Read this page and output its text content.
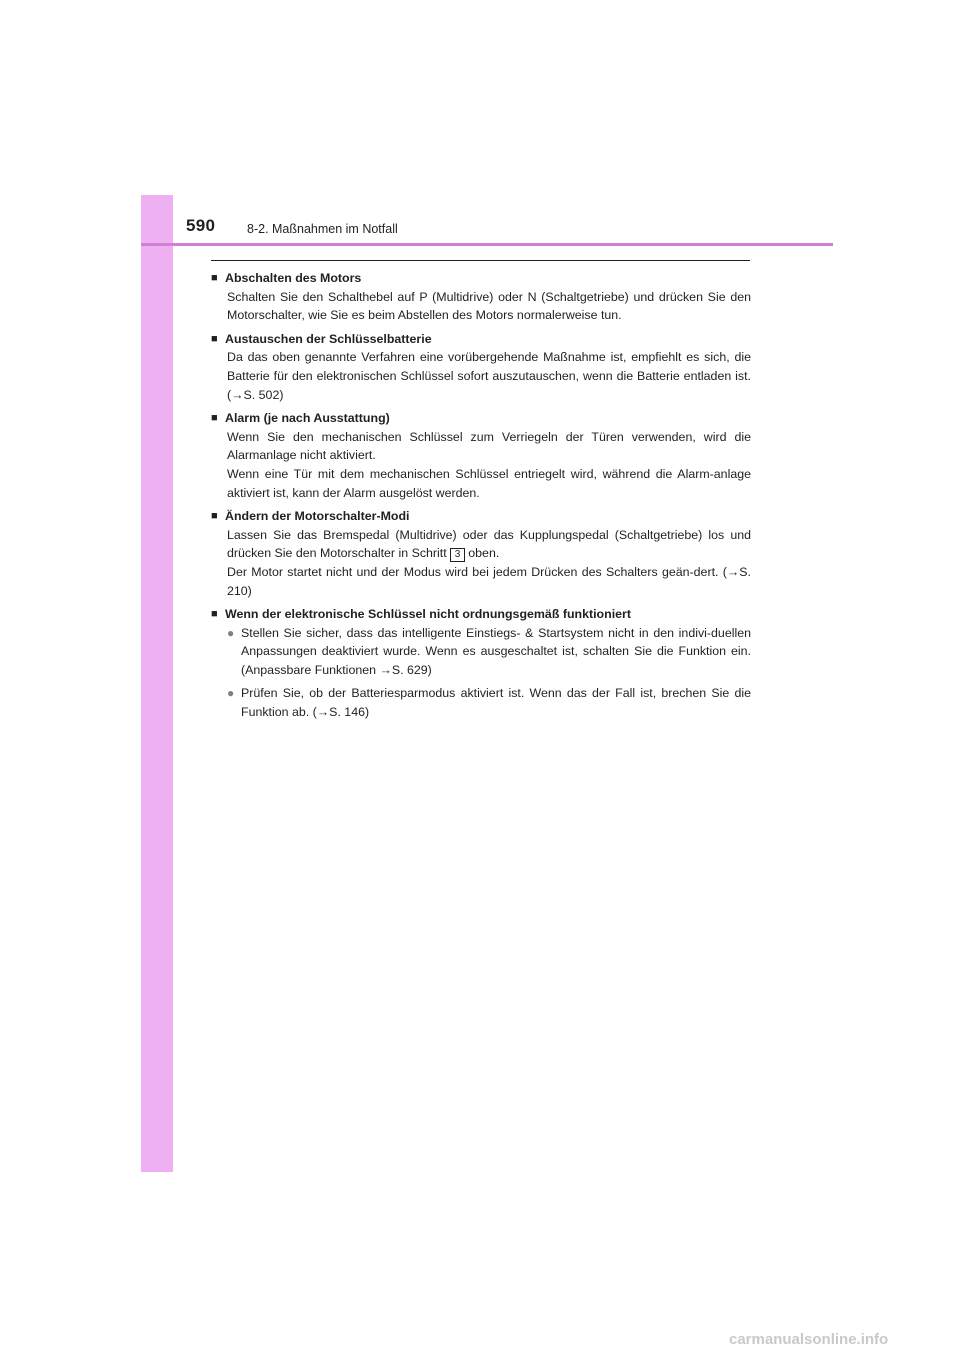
590	8-2. Maßnahmen im Notfall
■ Abschalten des Motors
Schalten Sie den Schalthebel auf P (Multidrive) oder N (Schaltgetriebe) und drücken Sie den Motorschalter, wie Sie es beim Abstellen des Motors normalerweise tun.
■ Austauschen der Schlüsselbatterie
Da das oben genannte Verfahren eine vorübergehende Maßnahme ist, empfiehlt es sich, die Batterie für den elektronischen Schlüssel sofort auszutauschen, wenn die Batterie entladen ist. (→S. 502)
■ Alarm (je nach Ausstattung)
Wenn Sie den mechanischen Schlüssel zum Verriegeln der Türen verwenden, wird die Alarmanlage nicht aktiviert.
Wenn eine Tür mit dem mechanischen Schlüssel entriegelt wird, während die Alarm-anlage aktiviert ist, kann der Alarm ausgelöst werden.
■ Ändern der Motorschalter-Modi
Lassen Sie das Bremspedal (Multidrive) oder das Kupplungspedal (Schaltgetriebe) los und drücken Sie den Motorschalter in Schritt 3 oben.
Der Motor startet nicht und der Modus wird bei jedem Drücken des Schalters geän-dert. (→S. 210)
■ Wenn der elektronische Schlüssel nicht ordnungsgemäß funktioniert
● Stellen Sie sicher, dass das intelligente Einstiegs- & Startsystem nicht in den indivi-duellen Anpassungen deaktiviert wurde. Wenn es ausgeschaltet ist, schalten Sie die Funktion ein. (Anpassbare Funktionen →S. 629)
● Prüfen Sie, ob der Batteriesparmodus aktiviert ist. Wenn das der Fall ist, brechen Sie die Funktion ab. (→S. 146)
carmanualsonline.info
